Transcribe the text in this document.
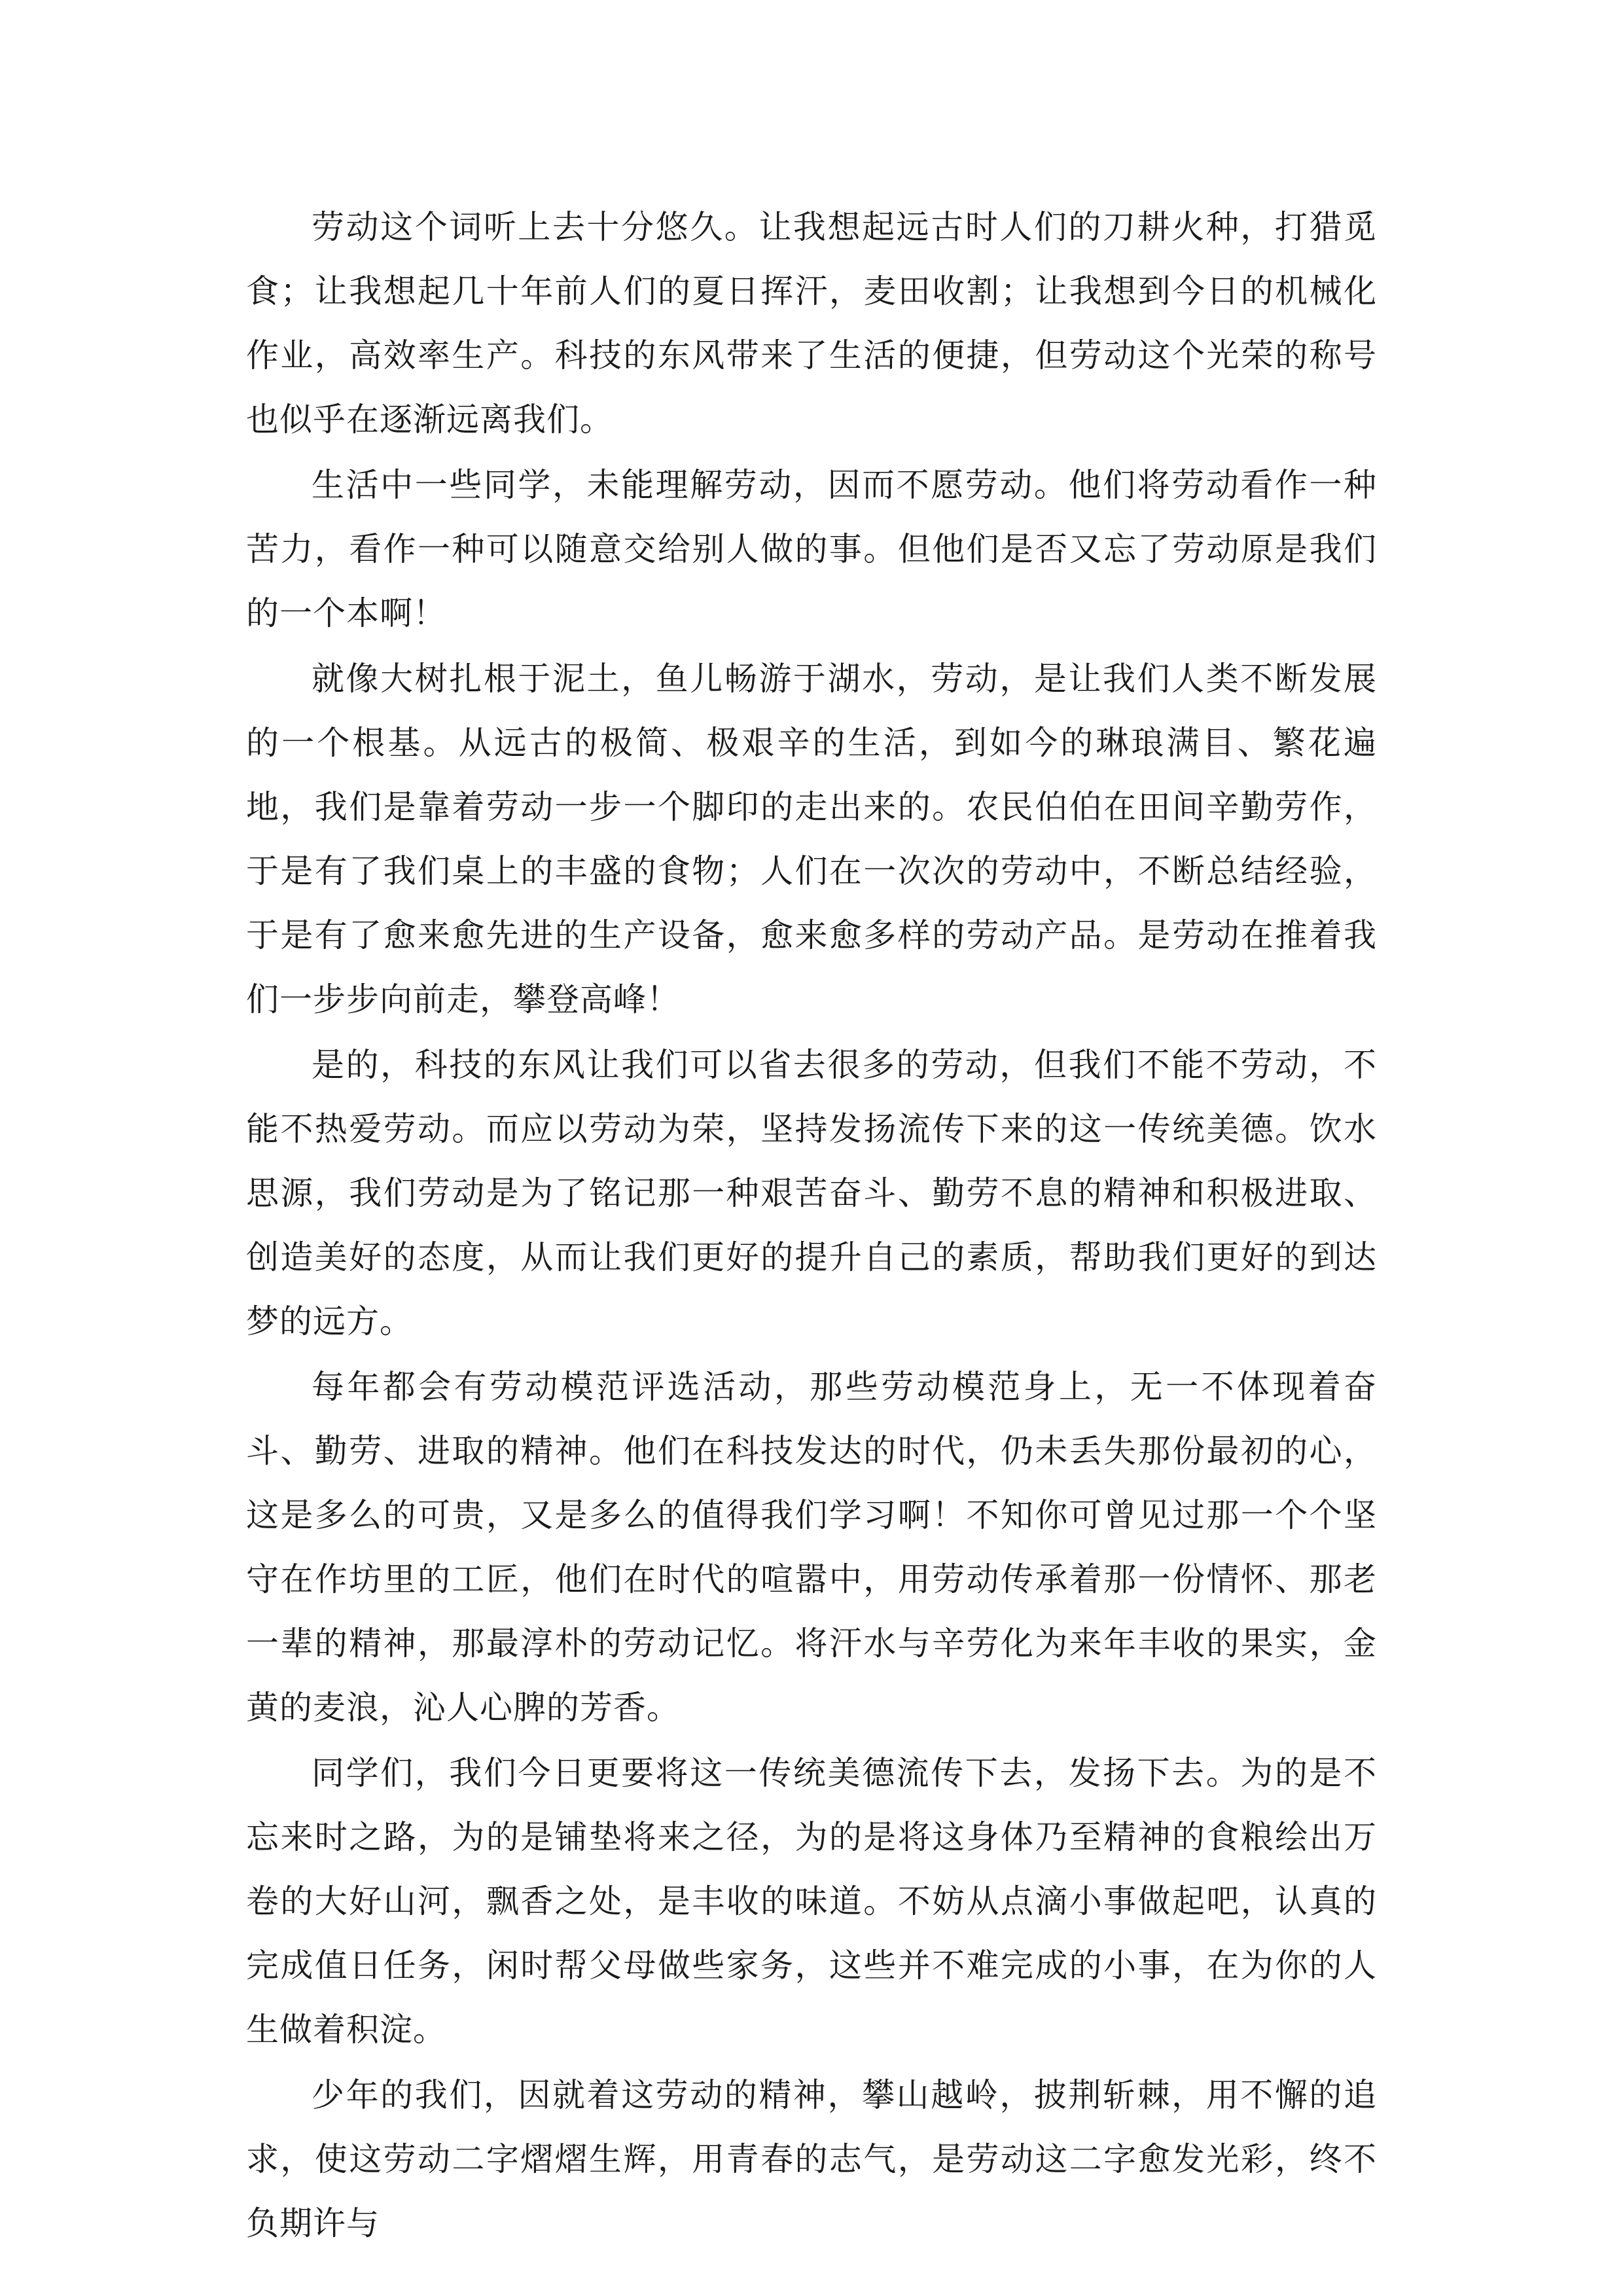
劳动这个词听上去十分悠久。让我想起远古时人们的刀耕火种，打猎觅食；让我想起几十年前人们的夏日挥汗，麦田收割；让我想到今日的机械化作业，高效率生产。科技的东风带来了生活的便捷，但劳动这个光荣的称号也似乎在逐渐远离我们。

生活中一些同学，未能理解劳动，因而不愿劳动。他们将劳动看作一种苦力，看作一种可以随意交给别人做的事。但他们是否又忘了劳动原是我们的一个本啊！

就像大树扎根于泥土，鱼儿畅游于湖水，劳动，是让我们人类不断发展的一个根基。从远古的极简、极艰辛的生活，到如今的琳琅满目、繁花遍地，我们是靠着劳动一步一个脚印的走出来的。农民伯伯在田间辛勤劳作，于是有了我们桌上的丰盛的食物；人们在一次次的劳动中，不断总结经验，于是有了愈来愈先进的生产设备，愈来愈多样的劳动产品。是劳动在推着我们一步步向前走，攀登高峰！

是的，科技的东风让我们可以省去很多的劳动，但我们不能不劳动，不能不热爱劳动。而应以劳动为荣，坚持发扬流传下来的这一传统美德。饮水思源，我们劳动是为了铭记那一种艰苦奋斗、勤劳不息的精神和积极进取、创造美好的态度，从而让我们更好的提升自己的素质，帮助我们更好的到达梦的远方。

每年都会有劳动模范评选活动，那些劳动模范身上，无一不体现着奋斗、勤劳、进取的精神。他们在科技发达的时代，仍未丢失那份最初的心，这是多么的可贵，又是多么的值得我们学习啊！不知你可曾见过那一个个坚守在作坊里的工匠，他们在时代的喧嚣中，用劳动传承着那一份情怀、那老一辈的精神，那最淳朴的劳动记忆。将汗水与辛劳化为来年丰收的果实，金黄的麦浪，沁人心脾的芳香。

同学们，我们今日更要将这一传统美德流传下去，发扬下去。为的是不忘来时之路，为的是铺垫将来之径，为的是将这身体乃至精神的食粮绘出万卷的大好山河，飘香之处，是丰收的味道。不妨从点滴小事做起吧，认真的完成值日任务，闲时帮父母做些家务，这些并不难完成的小事，在为你的人生做着积淀。

少年的我们，因就着这劳动的精神，攀山越岭，披荆斩棘，用不懈的追求，使这劳动二字熠熠生辉，用青春的志气，是劳动这二字愈发光彩，终不负期许与
